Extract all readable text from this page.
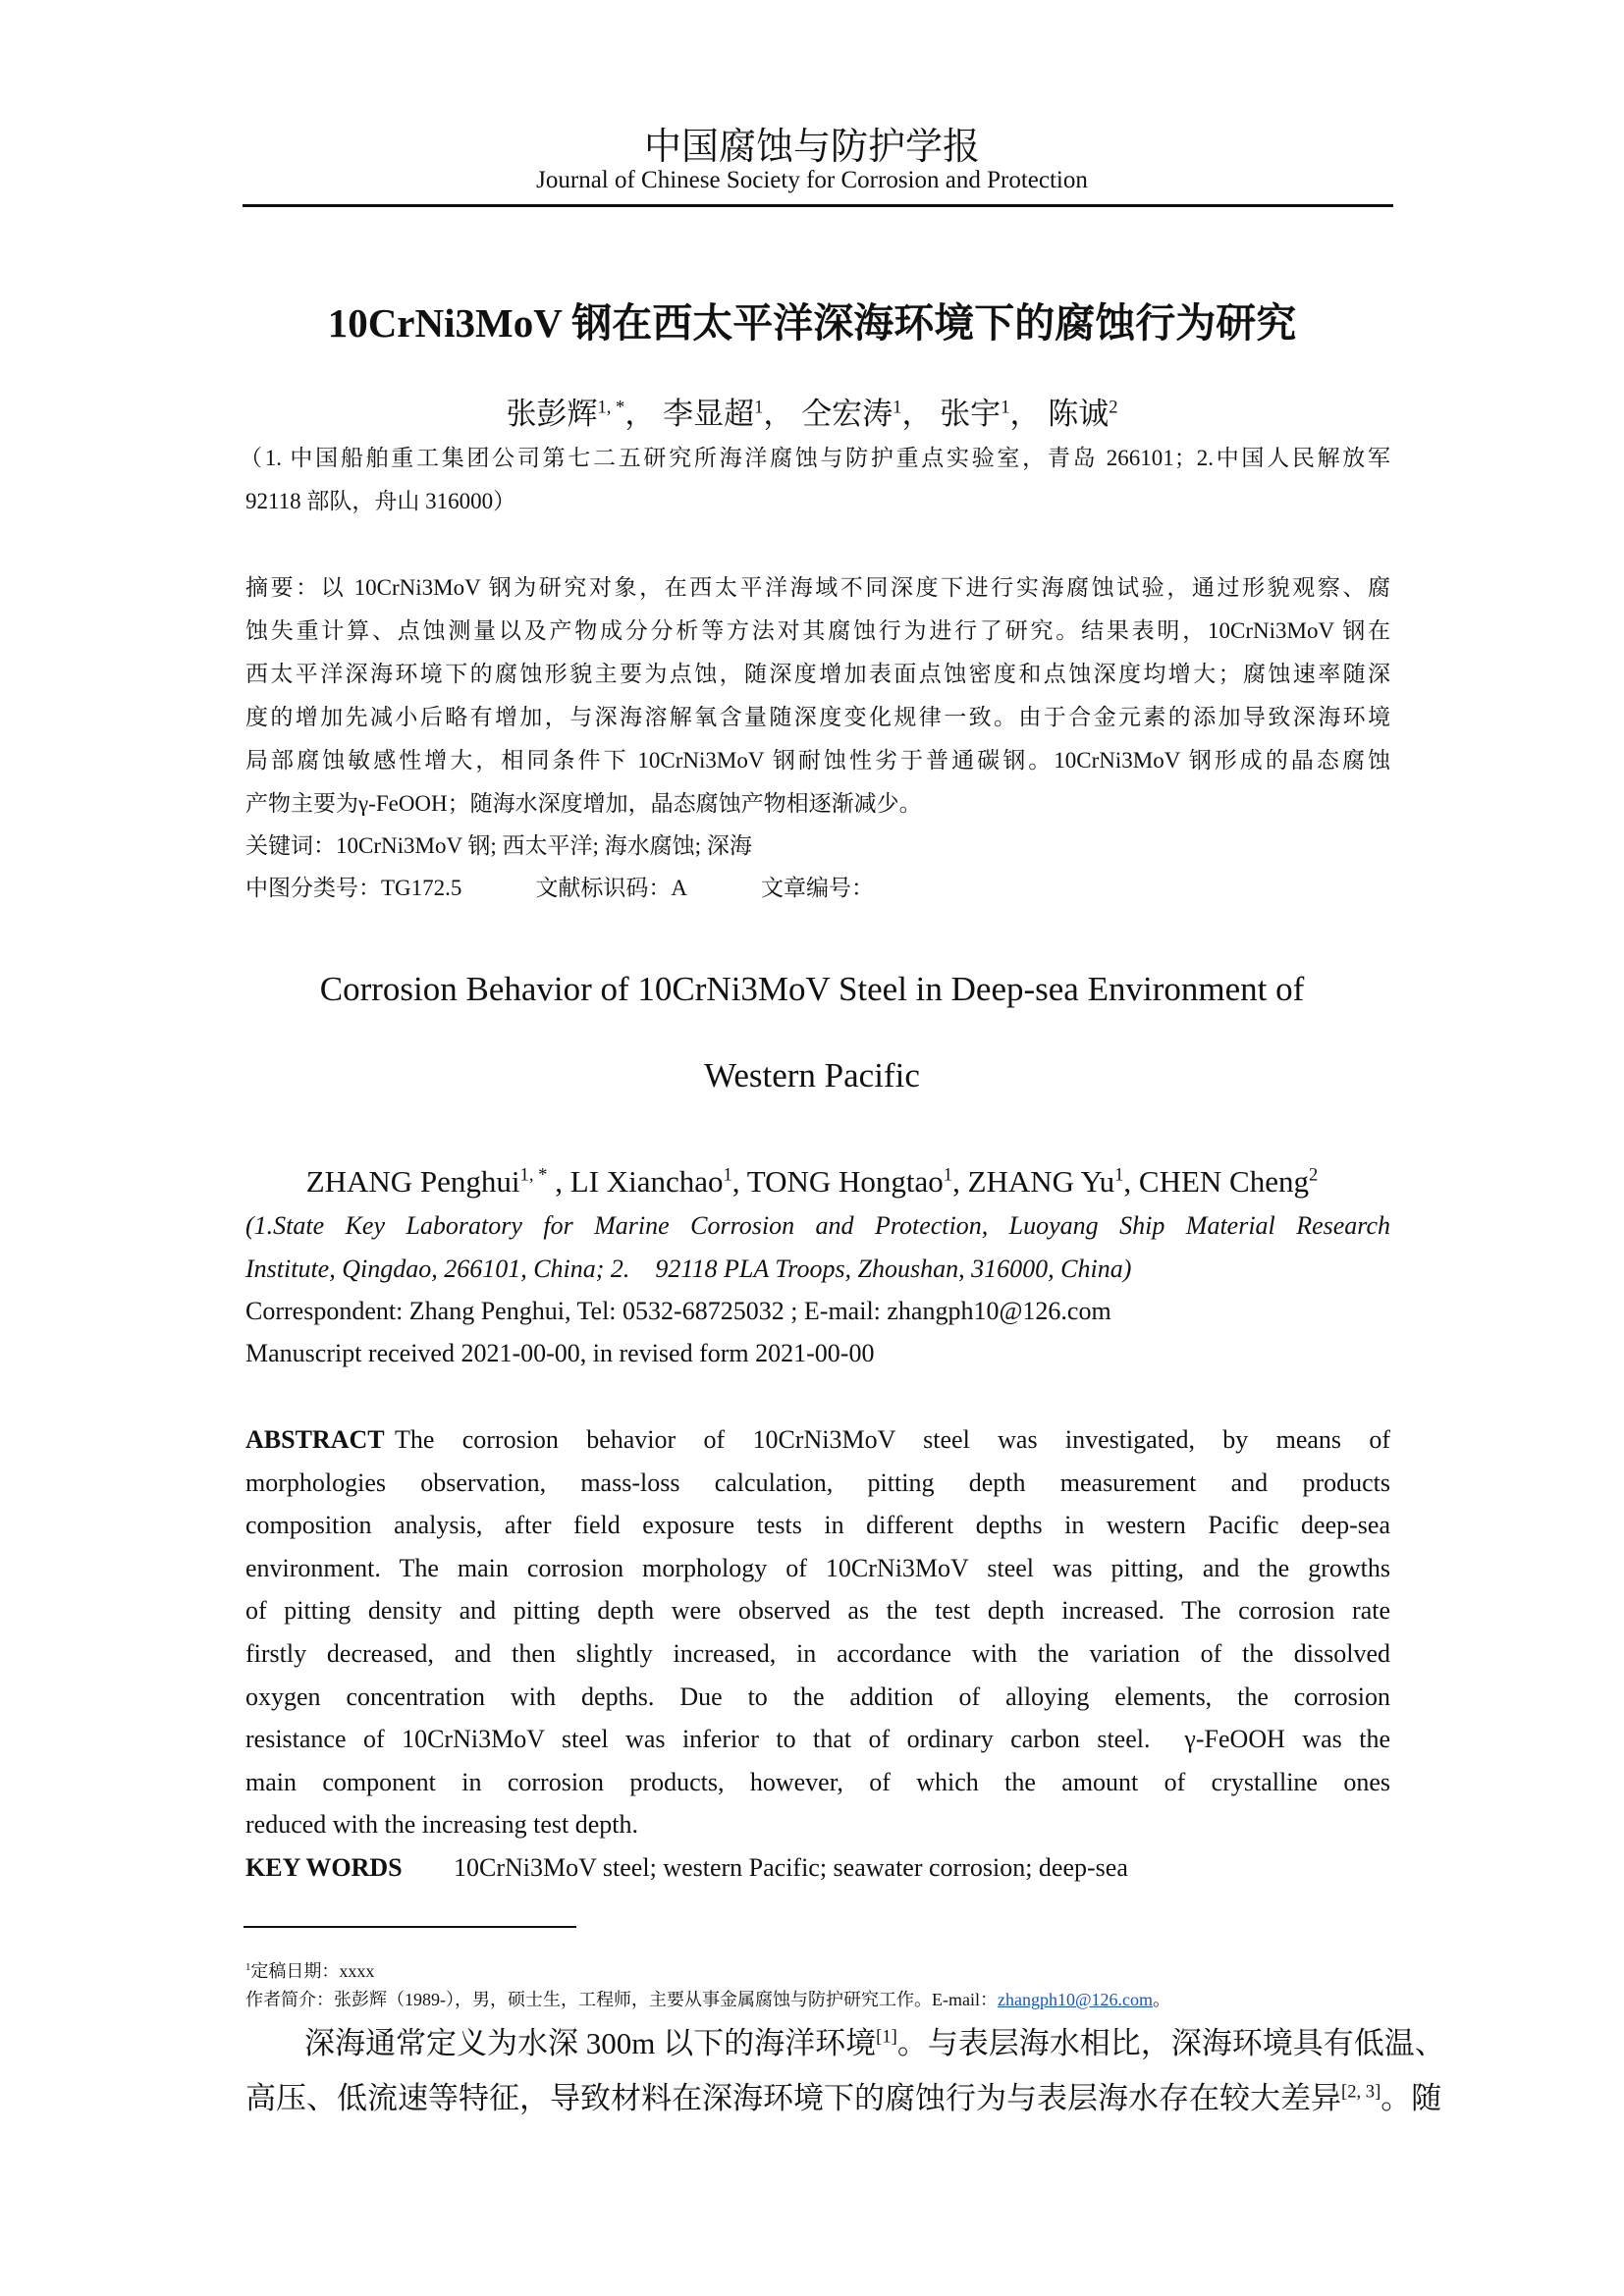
中国腐蚀与防护学报
Journal of Chinese Society for Corrosion and Protection
10CrNi3MoV 钢在西太平洋深海环境下的腐蚀行为研究
张彭辉$^{1, *}$， 李显超$^1$， 仝宏涛$^1$， 张宇$^1$， 陈诚$^2$
（1. 中国船舶重工集团公司第七二五研究所海洋腐蚀与防护重点实验室，青岛 266101；2.中国人民解放军
92118 部队，舟山 316000）
摘要：以 10CrNi3MoV 钢为研究对象，在西太平洋海域不同深度下进行实海腐蚀试验，通过形貌观察、腐
蚀失重计算、点蚀测量以及产物成分分析等方法对其腐蚀行为进行了研究。结果表明，10CrNi3MoV 钢在
西太平洋深海环境下的腐蚀形貌主要为点蚀，随深度增加表面点蚀密度和点蚀深度均增大；腐蚀速率随深
度的增加先减小后略有增加，与深海溶解氧含量随深度变化规律一致。由于合金元素的添加导致深海环境
局部腐蚀敏感性增大，相同条件下 10CrNi3MoV 钢耐蚀性劣于普通碳钢。10CrNi3MoV 钢形成的晶态腐蚀
产物主要为γ-FeOOH；随海水深度增加，晶态腐蚀产物相逐渐减少。
关键词：10CrNi3MoV 钢; 西太平洋; 海水腐蚀; 深海
中图分类号：TG172.5	文献标识码：A	文章编号：
Corrosion Behavior of 10CrNi3MoV Steel in Deep-sea Environment of
Western Pacific
ZHANG Penghui$^{1, *}$ , LI Xianchao$^1$, TONG Hongtao$^1$, ZHANG Yu$^1$, CHEN Cheng$^2$
(1.State Key Laboratory for Marine Corrosion and Protection, Luoyang Ship Material Research
Institute, Qingdao, 266101, China; 2.    92118 PLA Troops, Zhoushan, 316000, China)
Correspondent: Zhang Penghui, Tel: 0532-68725032 ; E-mail: zhangph10@126.com
Manuscript received 2021-00-00, in revised form 2021-00-00
ABSTRACT The corrosion behavior of 10CrNi3MoV steel was investigated, by means of
morphologies observation, mass-loss calculation, pitting depth measurement and products
composition analysis, after field exposure tests in different depths in western Pacific deep-sea
environment. The main corrosion morphology of 10CrNi3MoV steel was pitting, and the growths
of pitting density and pitting depth were observed as the test depth increased. The corrosion rate
firstly decreased, and then slightly increased, in accordance with the variation of the dissolved
oxygen concentration with depths. Due to the addition of alloying elements, the corrosion
resistance of 10CrNi3MoV steel was inferior to that of ordinary carbon steel.  γ-FeOOH was the
main component in corrosion products, however, of which the amount of crystalline ones
reduced with the increasing test depth.
KEY WORDS 10CrNi3MoV steel; western Pacific; seawater corrosion; deep-sea
$^1$定稿日期：xxxx
作者简介：张彭辉（1989-），男，硕士生，工程师，主要从事金属腐蚀与防护研究工作。E-mail：zhangph10@126.com。
深海通常定义为水深 300m 以下的海洋环境[1]。与表层海水相比，深海环境具有低温、
高压、低流速等特征，导致材料在深海环境下的腐蚀行为与表层海水存在较大差异[2, 3]。随
